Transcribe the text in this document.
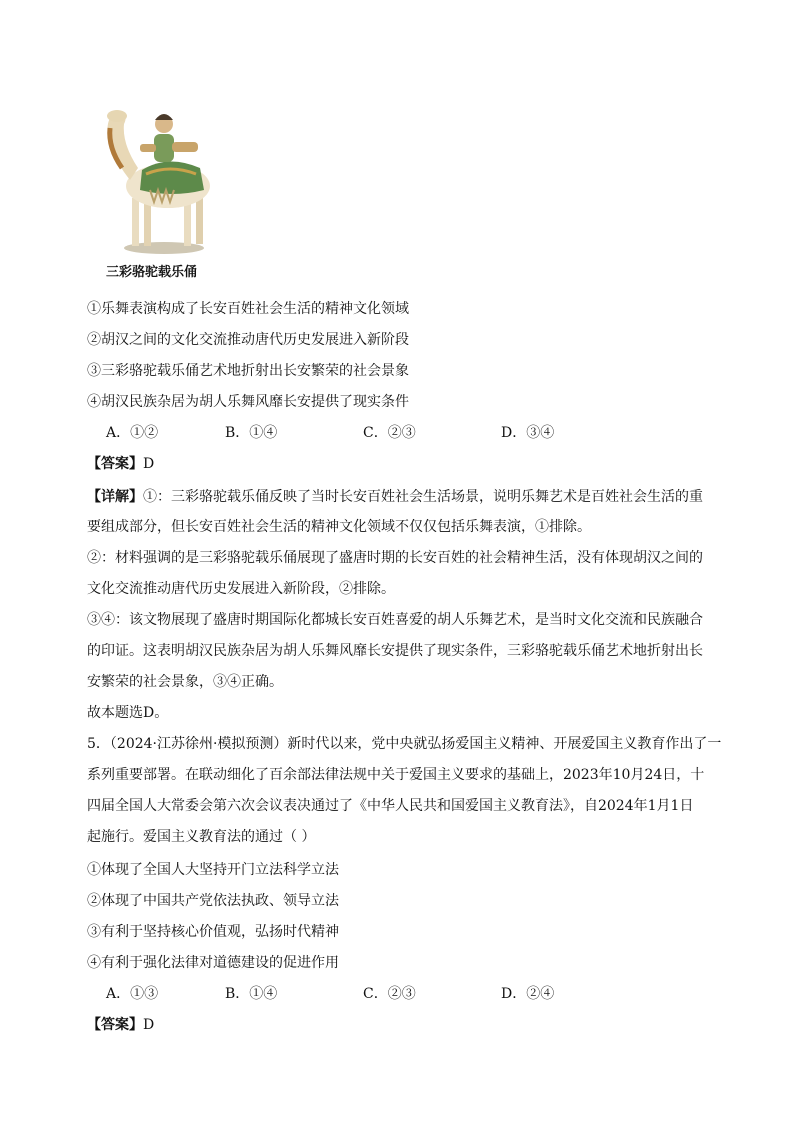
三彩骆驼载乐俑
①乐舞表演构成了长安百姓社会生活的精神文化领域
②胡汉之间的文化交流推动唐代历史发展进入新阶段
③三彩骆驼载乐俑艺术地折射出长安繁荣的社会景象
④胡汉民族杂居为胡人乐舞风靡长安提供了现实条件
A．①②	B．①④	C．②③	D．③④
【答案】D
【详解】①：三彩骆驼载乐俑反映了当时长安百姓社会生活场景，说明乐舞艺术是百姓社会生活的重
要组成部分，但长安百姓社会生活的精神文化领域不仅仅包括乐舞表演，①排除。
②：材料强调的是三彩骆驼载乐俑展现了盛唐时期的长安百姓的社会精神生活，没有体现胡汉之间的
文化交流推动唐代历史发展进入新阶段，②排除。
③④：该文物展现了盛唐时期国际化都城长安百姓喜爱的胡人乐舞艺术，是当时文化交流和民族融合
的印证。这表明胡汉民族杂居为胡人乐舞风靡长安提供了现实条件，三彩骆驼载乐俑艺术地折射出长
安繁荣的社会景象，③④正确。
故本题选D。
5．（2024·江苏徐州·模拟预测）新时代以来，党中央就弘扬爱国主义精神、开展爱国主义教育作出了一
系列重要部署。在联动细化了百余部法律法规中关于爱国主义要求的基础上，2023年10月24日，十
四届全国人大常委会第六次会议表决通过了《中华人民共和国爱国主义教育法》，自2024年1月1日
起施行。爱国主义教育法的通过（ ）
①体现了全国人大坚持开门立法科学立法
②体现了中国共产党依法执政、领导立法
③有利于坚持核心价值观，弘扬时代精神
④有利于强化法律对道德建设的促进作用
A．①③	B．①④	C．②③	D．②④
【答案】D
